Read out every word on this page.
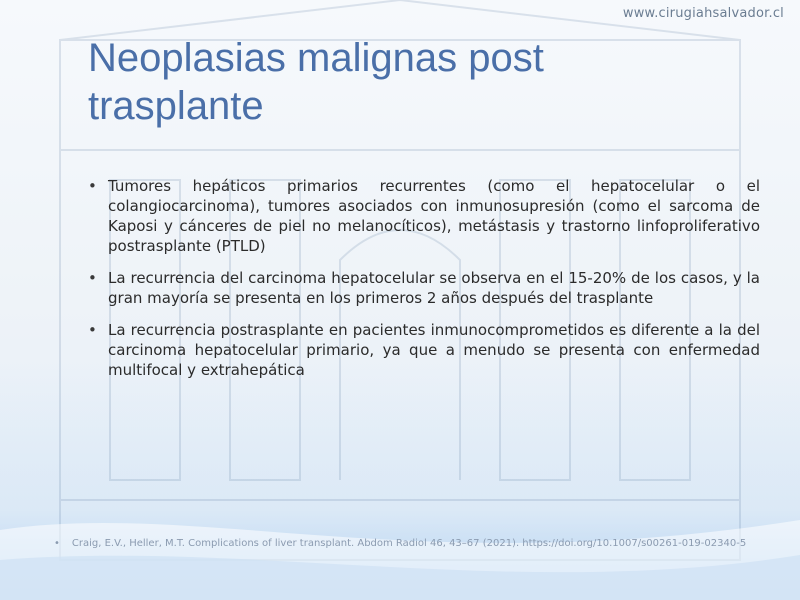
www.cirugiahsalvador.cl
Neoplasias malignas post trasplante
• Tumores hepáticos primarios recurrentes (como el hepatocelular o el colangiocarcinoma), tumores asociados con inmunosupresión (como el sarcoma de Kaposi y cánceres de piel no melanocíticos), metástasis y trastorno linfoproliferativo postrasplante (PTLD)
• La recurrencia del carcinoma hepatocelular se observa en el 15-20% de los casos, y la gran mayoría se presenta en los primeros 2 años después del trasplante
• La recurrencia postrasplante en pacientes inmunocomprometidos es diferente a la del carcinoma hepatocelular primario, ya que a menudo se presenta con enfermedad multifocal y extrahepática
• Craig, E.V., Heller, M.T. Complications of liver transplant. Abdom Radiol 46, 43–67 (2021). https://doi.org/10.1007/s00261-019-02340-5
